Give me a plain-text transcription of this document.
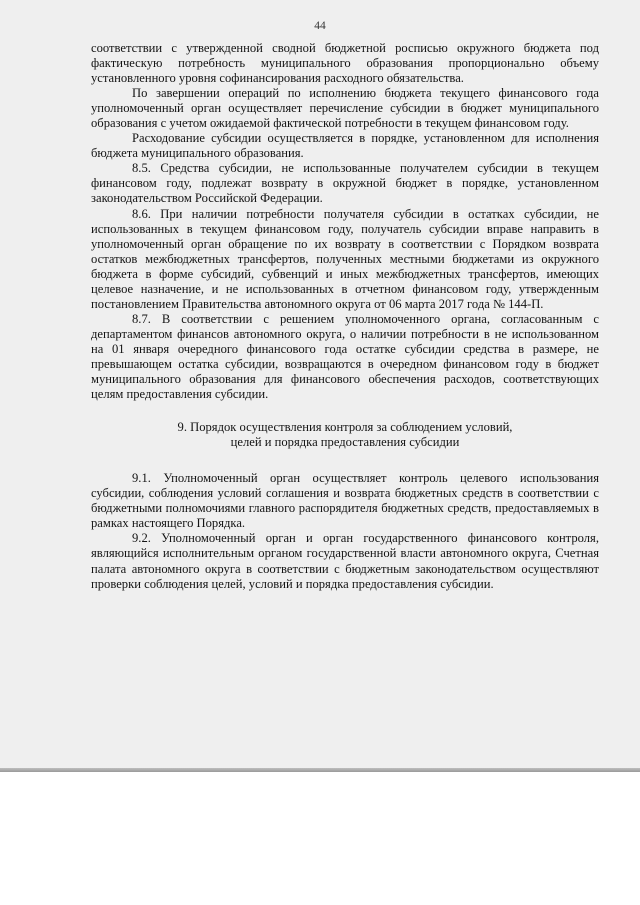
44

соответствии с утвержденной сводной бюджетной росписью окружного бюджета под фактическую потребность муниципального образования пропорционально объему установленного уровня софинансирования расходного обязательства.

По завершении операций по исполнению бюджета текущего финансового года уполномоченный орган осуществляет перечисление субсидии в бюджет муниципального образования с учетом ожидаемой фактической потребности в текущем финансовом году.

Расходование субсидии осуществляется в порядке, установленном для исполнения бюджета муниципального образования.

8.5. Средства субсидии, не использованные получателем субсидии в текущем финансовом году, подлежат возврату в окружной бюджет в порядке, установленном законодательством Российской Федерации.

8.6. При наличии потребности получателя субсидии в остатках субсидии, не использованных в текущем финансовом году, получатель субсидии вправе направить в уполномоченный орган обращение по их возврату в соответствии с Порядком возврата остатков межбюджетных трансфертов, полученных местными бюджетами из окружного бюджета в форме субсидий, субвенций и иных межбюджетных трансфертов, имеющих целевое назначение, и не использованных в отчетном финансовом году, утвержденным постановлением Правительства автономного округа от 06 марта 2017 года № 144-П.

8.7. В соответствии с решением уполномоченного органа, согласованным с департаментом финансов автономного округа, о наличии потребности в не использованном на 01 января очередного финансового года остатке субсидии средства в размере, не превышающем остатка субсидии, возвращаются в очередном финансовом году в бюджет муниципального образования для финансового обеспечения расходов, соответствующих целям предоставления субсидии.

9. Порядок осуществления контроля за соблюдением условий,
целей и порядка предоставления субсидии

9.1. Уполномоченный орган осуществляет контроль целевого использования субсидии, соблюдения условий соглашения и возврата бюджетных средств в соответствии с бюджетными полномочиями главного распорядителя бюджетных средств, предоставляемых в рамках настоящего Порядка.

9.2. Уполномоченный орган и орган государственного финансового контроля, являющийся исполнительным органом государственной власти автономного округа, Счетная палата автономного округа в соответствии с бюджетным законодательством осуществляют проверки соблюдения целей, условий и порядка предоставления субсидии.
